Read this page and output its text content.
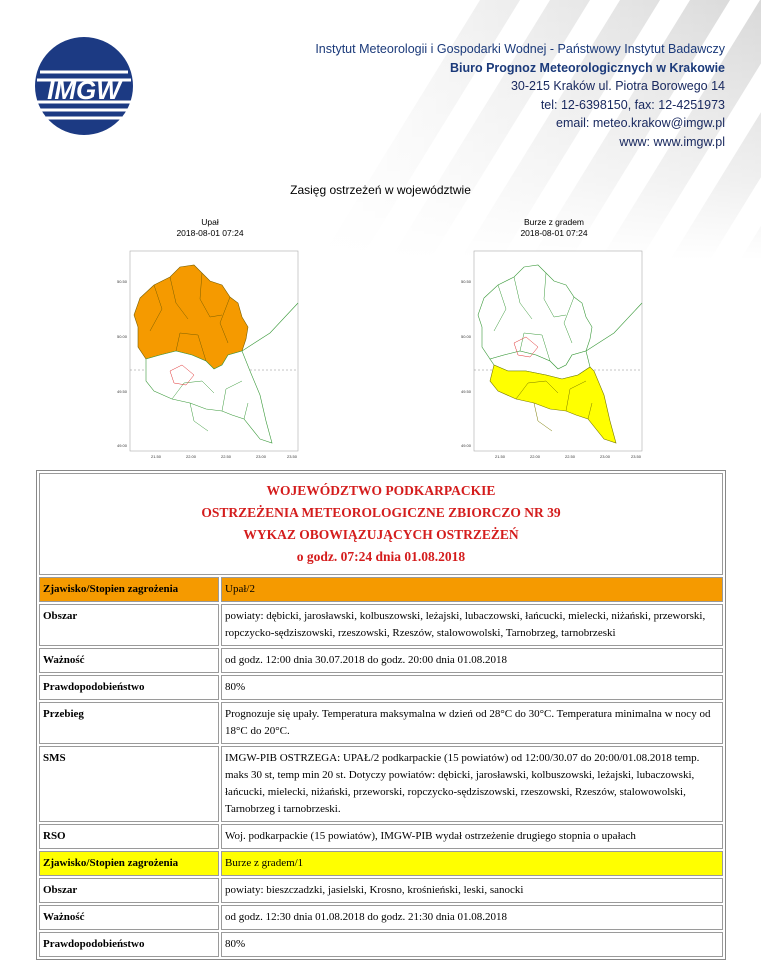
IMGW
Instytut Meteorologii i Gospodarki Wodnej - Państwowy Instytut Badawczy
Biuro Prognoz Meteorologicznych w Krakowie
30-215 Kraków ul. Piotra Borowego 14
tel: 12-6398150, fax: 12-4251973
email: meteo.krakow@imgw.pl
www: www.imgw.pl
Zasięg ostrzeżeń w województwie
Upał
2018-08-01 07:24
50.50
50.00
49.50
49.00
21.50	22.00	22.50	23.00	23.50
Burze z gradem
2018-08-01 07:24
50.50
50.00
49.50
49.00
21.50	22.00	22.50	23.00	23.50
WOJEWÓDZTWO PODKARPACKIE
OSTRZEŻENIA METEOROLOGICZNE ZBIORCZO NR 39
WYKAZ OBOWIĄZUJĄCYCH OSTRZEŻEŃ
o godz. 07:24 dnia 01.08.2018	

Zjawisko/Stopien zagrożenia	Upał/2
Obszar	powiaty: dębicki, jarosławski, kolbuszowski, leżajski, lubaczowski, łańcucki, mielecki, niżański, przeworski, ropczycko-sędziszowski, rzeszowski, Rzeszów, stalowowolski, Tarnobrzeg, tarnobrzeski
Ważność	od godz. 12:00 dnia 30.07.2018 do godz. 20:00 dnia 01.08.2018
Prawdopodobieństwo	80%
Przebieg	Prognozuje się upały. Temperatura maksymalna w dzień od 28°C do 30°C. Temperatura minimalna w nocy od 18°C do 20°C.
SMS	IMGW-PIB OSTRZEGA: UPAŁ/2 podkarpackie (15 powiatów) od 12:00/30.07 do 20:00/01.08.2018 temp. maks 30 st, temp min 20 st. Dotyczy powiatów: dębicki, jarosławski, kolbuszowski, leżajski, lubaczowski, łańcucki, mielecki, niżański, przeworski, ropczycko-sędziszowski, rzeszowski, Rzeszów, stalowowolski, Tarnobrzeg i tarnobrzeski.
RSO	Woj. podkarpackie (15 powiatów), IMGW-PIB wydał ostrzeżenie drugiego stopnia o upałach
Zjawisko/Stopien zagrożenia	Burze z gradem/1
Obszar	powiaty: bieszczadzki, jasielski, Krosno, krośnieński, leski, sanocki
Ważność	od godz. 12:30 dnia 01.08.2018 do godz. 21:30 dnia 01.08.2018
Prawdopodobieństwo	80%
